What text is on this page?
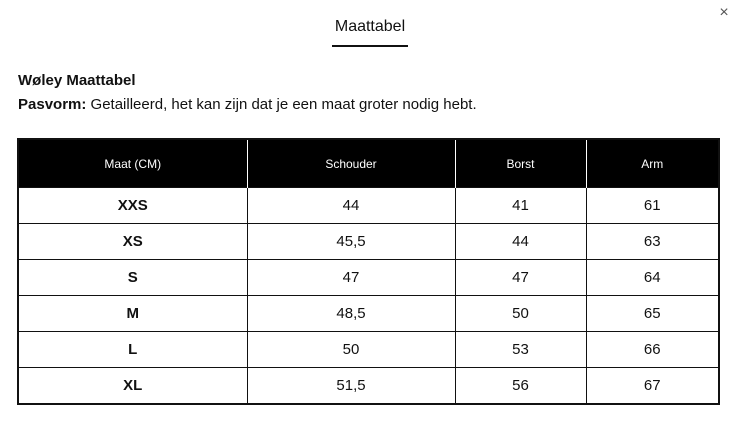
×
Maattabel
Wøley Maattabel
Pasvorm: Getailleerd, het kan zijn dat je een maat groter nodig hebt.
Maat (CM)	Schouder	Borst	Arm
XXS	44	41	61
XS	45,5	44	63
S	47	47	64
M	48,5	50	65
L	50	53	66
XL	51,5	56	67
